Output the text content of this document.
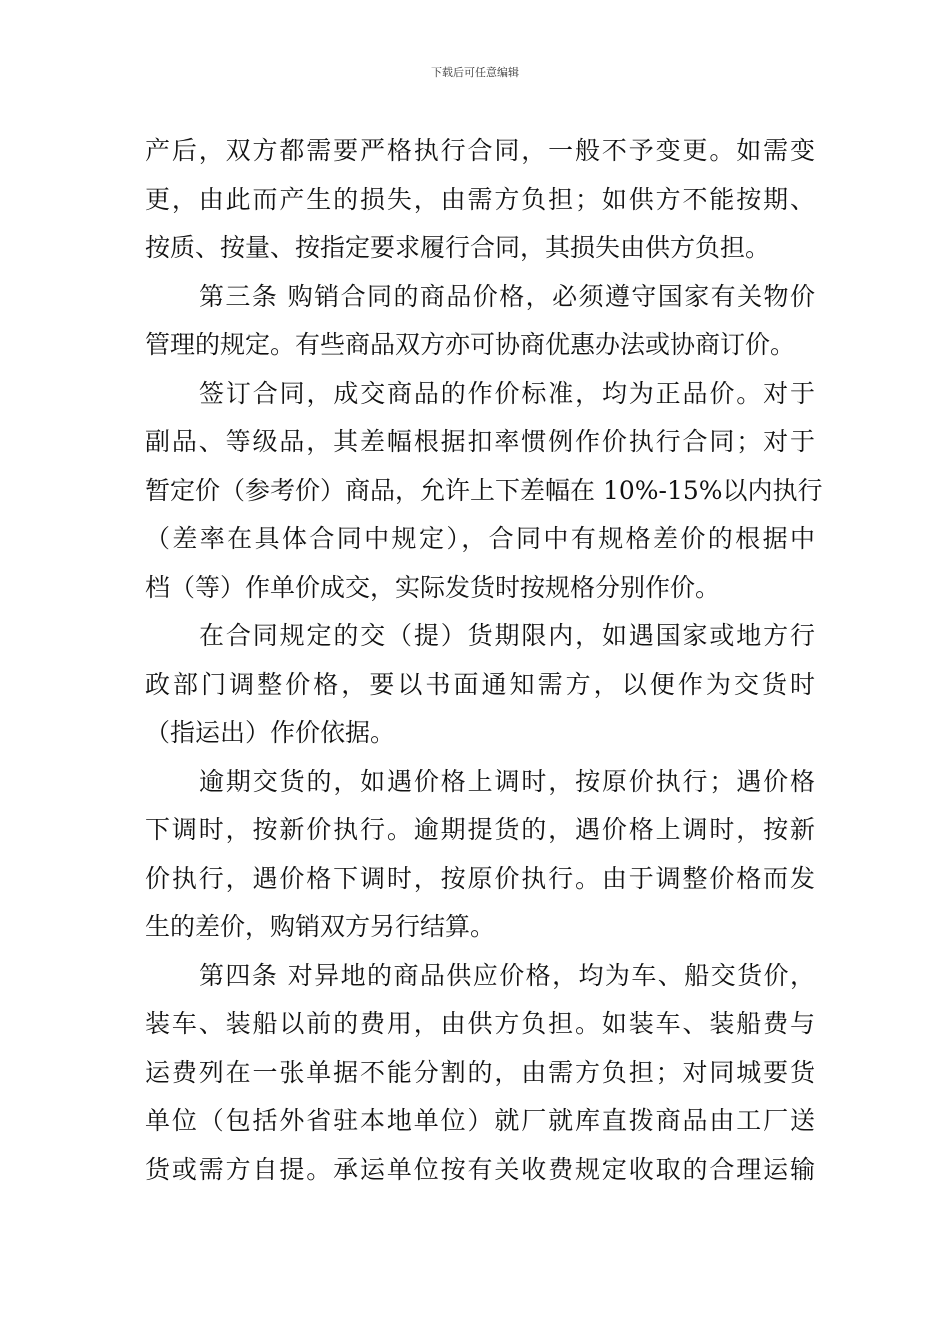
下载后可任意编辑
产后，双方都需要严格执行合同，一般不予变更。如需变
更，由此而产生的损失，由需方负担；如供方不能按期、
按质、按量、按指定要求履行合同，其损失由供方负担。
第三条 购销合同的商品价格，必须遵守国家有关物价
管理的规定。有些商品双方亦可协商优惠办法或协商订价。
签订合同，成交商品的作价标准，均为正品价。对于
副品、等级品，其差幅根据扣率惯例作价执行合同；对于
暂定价（参考价）商品，允许上下差幅在 10%-15%以内执行
（差率在具体合同中规定），合同中有规格差价的根据中
档（等）作单价成交，实际发货时按规格分别作价。
在合同规定的交（提）货期限内，如遇国家或地方行
政部门调整价格，要以书面通知需方，以便作为交货时
（指运出）作价依据。
逾期交货的，如遇价格上调时，按原价执行；遇价格
下调时，按新价执行。逾期提货的，遇价格上调时，按新
价执行，遇价格下调时，按原价执行。由于调整价格而发
生的差价，购销双方另行结算。
第四条 对异地的商品供应价格，均为车、船交货价，
装车、装船以前的费用，由供方负担。如装车、装船费与
运费列在一张单据不能分割的，由需方负担；对同城要货
单位（包括外省驻本地单位）就厂就库直拨商品由工厂送
货或需方自提。承运单位按有关收费规定收取的合理运输
